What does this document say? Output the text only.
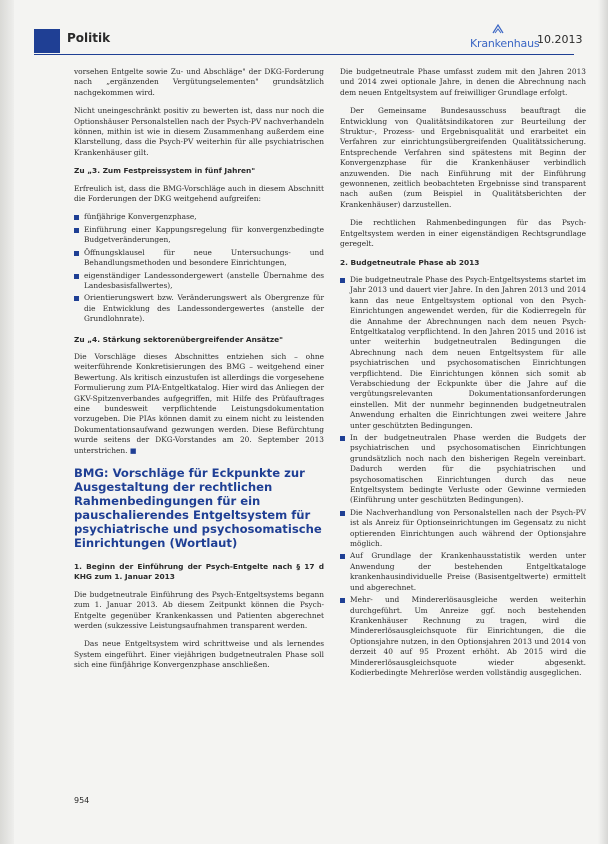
Politik	Krankenhaus
10.2013

vorsehen Entgelte sowie Zu- und Abschläge" der DKG-Forderung nach „ergänzenden Vergütungselementen" grundsätzlich nachgekommen wird.

Nicht uneingeschränkt positiv zu bewerten ist, dass nur noch die Optionshäuser Personalstellen nach der Psych-PV nachverhandeln können, mithin ist wie in diesem Zusammenhang außerdem eine Klarstellung, dass die Psych-PV weiterhin für alle psychiatrischen Krankenhäuser gilt.

Zu „3. Zum Festpreissystem in fünf Jahren"

Erfreulich ist, dass die BMG-Vorschläge auch in diesem Abschnitt die Forderungen der DKG weitgehend aufgreifen:

fünfjährige Konvergenzphase,
Einführung einer Kappungsregelung für konvergenzbedingte Budgetveränderungen,
Öffnungsklausel für neue Untersuchungs- und Behandlungsmethoden und besondere Einrichtungen,
eigenständiger Landessondergewert (anstelle Übernahme des Landesbasisfallwertes),
Orientierungswert bzw. Veränderungswert als Obergrenze für die Entwicklung des Landessondergewertes (anstelle der Grundlohnrate).
Zu „4. Stärkung sektorenübergreifender Ansätze"

Die Vorschläge dieses Abschnittes entziehen sich – ohne weiterführende Konkretisierungen des BMG – weitgehend einer Bewertung. Als kritisch einzustufen ist allerdings die vorgesehene Formulierung zum PIA-Entgeltkatalog. Hier wird das Anliegen der GKV-Spitzenverbandes aufgegriffen, mit Hilfe des Prüfauftrages eine bundesweit verpflichtende Leistungsdokumentation vorzugeben. Die PIAs können damit zu einem nicht zu leistenden Dokumentationsaufwand gezwungen werden. Diese Befürchtung wurde seitens der DKG-Vorstandes am 20. September 2013 unterstrichen. ■

BMG: Vorschläge für Eckpunkte zur Ausgestaltung der rechtlichen Rahmenbedingungen für ein pauschalierendes Entgeltsystem für psychiatrische und psychosomatische Einrichtungen (Wortlaut)
1. Beginn der Einführung der Psych-Entgelte nach § 17 d KHG zum 1. Januar 2013

Die budgetneutrale Einführung des Psych-Entgeltsystems begann zum 1. Januar 2013. Ab diesem Zeitpunkt können die Psych-Entgelte gegenüber Krankenkassen und Patienten abgerechnet werden (sukzessive Leistungsaufnahmen transparent werden.

Das neue Entgeltsystem wird schrittweise und als lernendes System eingeführt. Einer viejährigen budgetneutralen Phase soll sich eine fünfjährige Konvergenzphase anschließen.

Die budgetneutrale Phase umfasst zudem mit den Jahren 2013 und 2014 zwei optionale Jahre, in denen die Abrechnung nach dem neuen Entgeltsystem auf freiwilliger Grundlage erfolgt.

Der Gemeinsame Bundesausschuss beauftragt die Entwicklung von Qualitätsindikatoren zur Beurteilung der Struktur-, Prozess- und Ergebnisqualität und erarbeitet ein Verfahren zur einrichtungsübergreifenden Qualitätssicherung. Entsprechende Verfahren sind spätestens mit Beginn der Konvergenzphase für die Krankenhäuser verbindlich anzuwenden. Die nach Einführung mit der Einführung gewonnenen, zeitlich beobachteten Ergebnisse sind transparent nach außen (zum Beispiel in Qualitätsberichten der Krankenhäuser) darzustellen.

Die rechtlichen Rahmenbedingungen für das Psych-Entgeltsystem werden in einer eigenständigen Rechtsgrundlage geregelt.

2. Budgetneutrale Phase ab 2013
Die budgetneutrale Phase des Psych-Entgeltsystems startet im Jahr 2013 und dauert vier Jahre. In den Jahren 2013 und 2014 kann das neue Entgeltsystem optional von den Psych-Einrichtungen angewendet werden, für die Kodierregeln für die Annahme der Abrechnungen nach dem neuen Psych-Entgeltkatalog verpflichtend. In den Jahren 2015 und 2016 ist unter weiterhin budgetneutralen Bedingungen die Abrechnung nach dem neuen Entgeltsystem für alle psychiatrischen und psychosomatischen Einrichtungen verpflichtend. Die Einrichtungen können sich somit ab Verabschiedung der Eckpunkte über die Jahre auf die vergütungsrelevanten Dokumentationsanforderungen einstellen. Mit der nunmehr beginnenden budgetneutralen Anwendung erhalten die Einrichtungen zwei weitere Jahre unter geschützten Bedingungen.
In der budgetneutralen Phase werden die Budgets der psychiatrischen und psychosomatischen Einrichtungen grundsätzlich noch nach den bisherigen Regeln vereinbart. Dadurch werden für die psychiatrischen und psychosomatischen Einrichtungen durch das neue Entgeltsystem bedingte Verluste oder Gewinne vermieden (Einführung unter geschützten Bedingungen).
Die Nachverhandlung von Personalstellen nach der Psych-PV ist als Anreiz für Optionseinrichtungen im Gegensatz zu nicht optierenden Einrichtungen auch während der Optionsjahre möglich.
Auf Grundlage der Krankenhausstatistik werden unter Anwendung der bestehenden Entgeltkataloge krankenhausindividuelle Preise (Basisentgeltwerte) ermittelt und abgerechnet.
Mehr- und Mindererlösausgleiche werden weiterhin durchgeführt. Um Anreize ggf. noch bestehenden Krankenhäuser Rechnung zu tragen, wird die Mindererlösausgleichsquote für Einrichtungen, die die Optionsjahre nutzen, in den Optionsjahren 2013 und 2014 von derzeit 40 auf 95 Prozent erhöht. Ab 2015 wird die Mindererlösausgleichsquote wieder abgesenkt. Kodierbedingte Mehrerlöse werden vollständig ausgeglichen.
954
